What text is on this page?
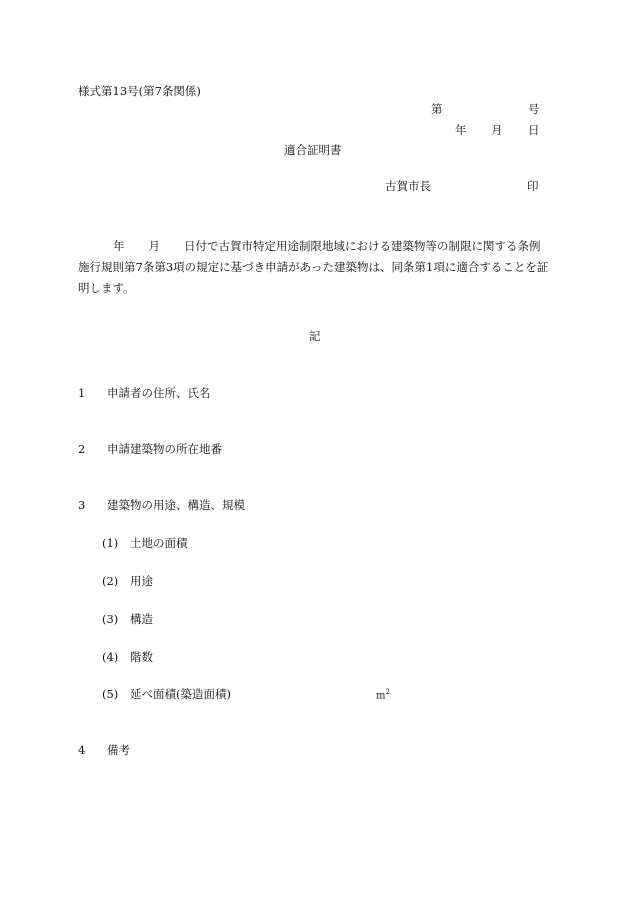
様式第13号(第7条関係)
第	号
年 月 日
適合証明書
古賀市長	印
年 月 日付で古賀市特定用途制限地域における建築物等の制限に関する条例
施行規則第7条第3項の規定に基づき申請があった建築物は、同条第1項に適合することを証
明します。
記
1 申請者の住所、氏名
2 申請建築物の所在地番
3 建築物の用途、構造、規模
(1) 土地の面積
(2) 用途
(3) 構造
(4) 階数
(5) 延べ面積(築造面積)	$m^2$
4 備考
